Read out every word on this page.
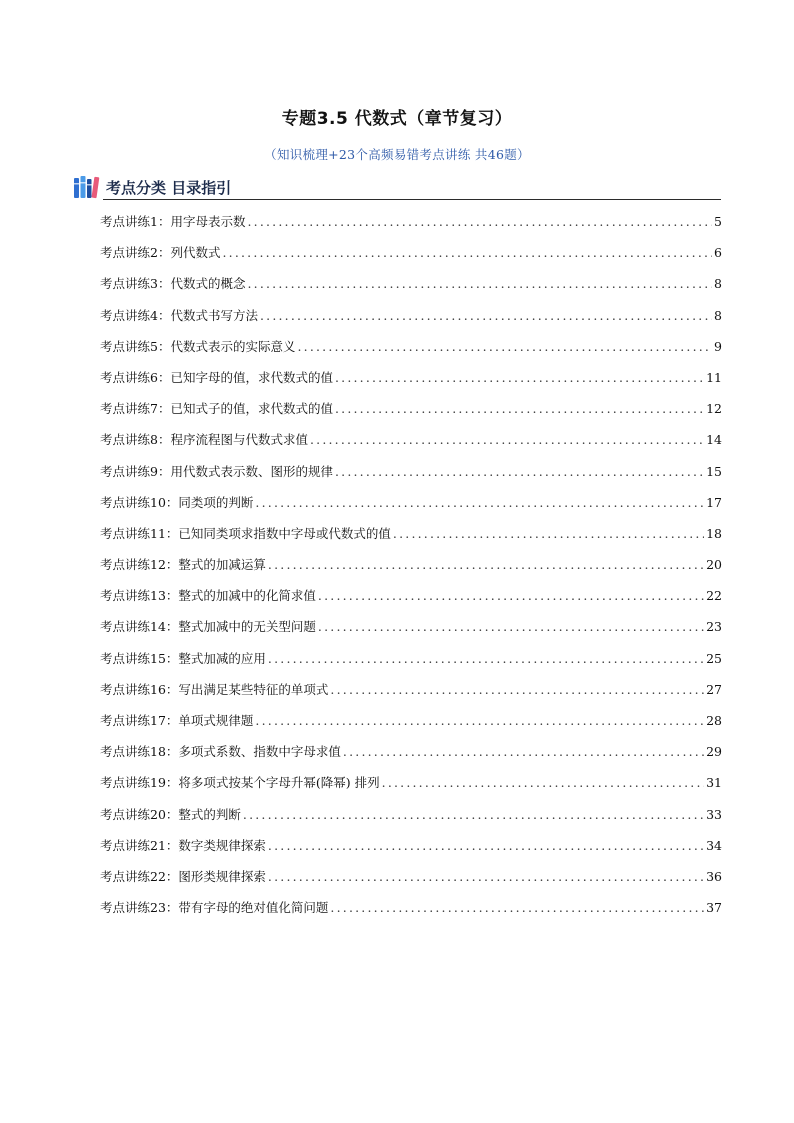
专题3.5 代数式（章节复习）
（知识梳理+23个高频易错考点讲练 共46题）
考点分类 目录指引
考点讲练1：用字母表示数 .....	5
考点讲练2：列代数式 .....	6
考点讲练3：代数式的概念 .....	8
考点讲练4：代数式书写方法 .....	8
考点讲练5：代数式表示的实际意义 .....	9
考点讲练6：已知字母的值，求代数式的值 .....	11
考点讲练7：已知式子的值，求代数式的值 .....	12
考点讲练8：程序流程图与代数式求值 .....	14
考点讲练9：用代数式表示数、图形的规律 .....	15
考点讲练10：同类项的判断 .....	17
考点讲练11：已知同类项求指数中字母或代数式的值 .....	18
考点讲练12：整式的加减运算 .....	20
考点讲练13：整式的加减中的化简求值 .....	22
考点讲练14：整式加减中的无关型问题 .....	23
考点讲练15：整式加减的应用 .....	25
考点讲练16：写出满足某些特征的单项式 .....	27
考点讲练17：单项式规律题 .....	28
考点讲练18：多项式系数、指数中字母求值 .....	29
考点讲练19：将多项式按某个字母升幂(降幂) 排列 .....	31
考点讲练20：整式的判断 .....	33
考点讲练21：数字类规律探索 .....	34
考点讲练22：图形类规律探索 .....	36
考点讲练23：带有字母的绝对值化简问题 .....	37
